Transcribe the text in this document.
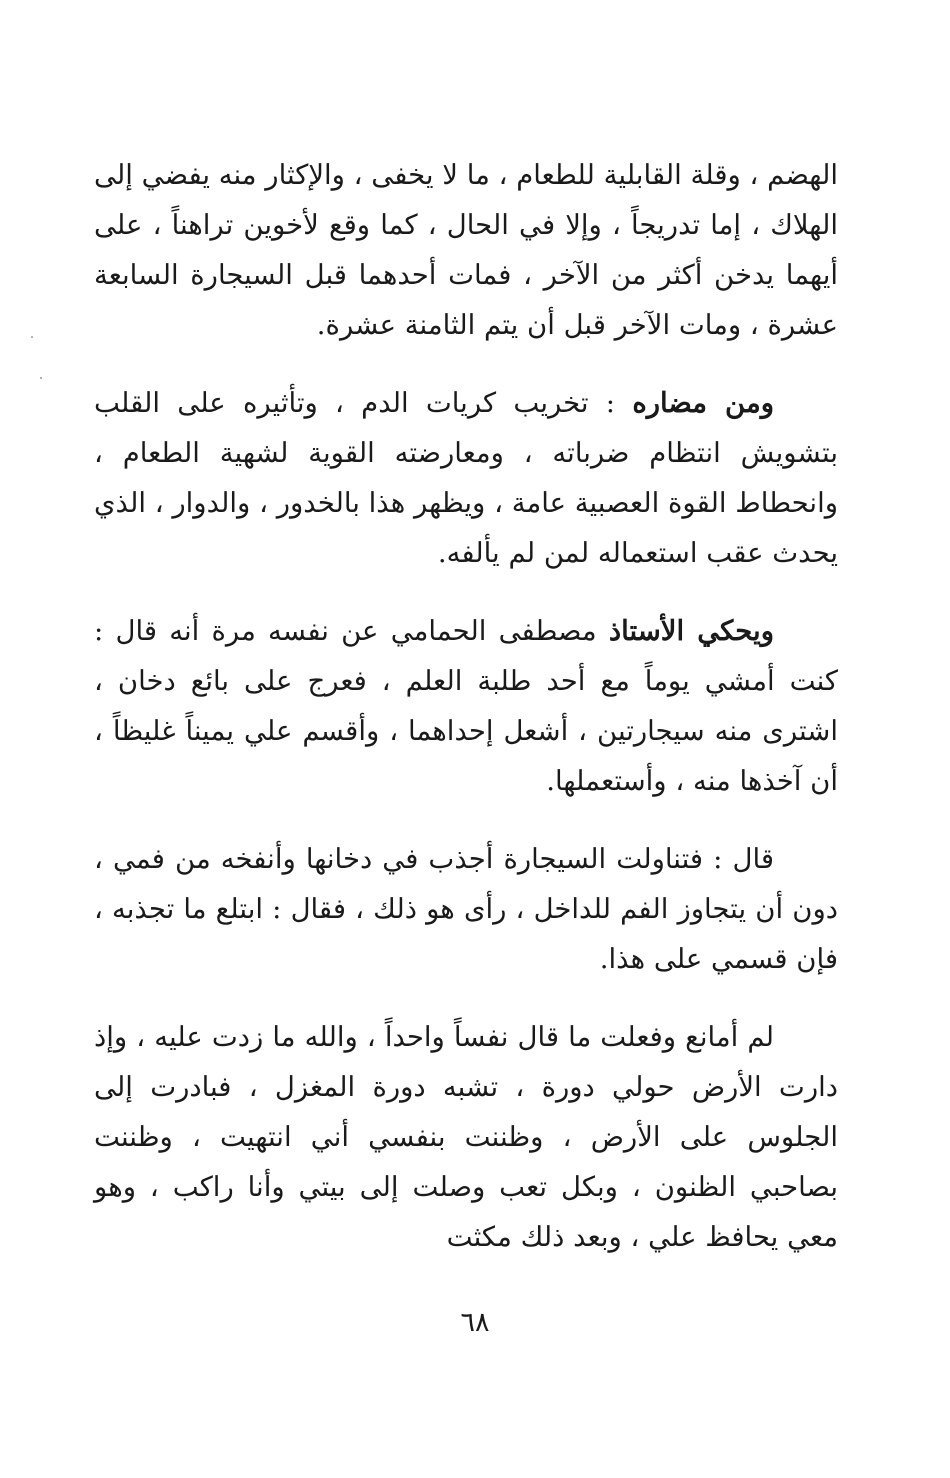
الهضم ، وقلة القابلية للطعام ، ما لا يخفى ، والإكثار منه يفضي إلى الهلاك ، إما تدريجاً ، وإلا في الحال ، كما وقع لأخوين تراهناً ، على أيهما يدخن أكثر من الآخر ، فمات أحدهما قبل السيجارة السابعة عشرة ، ومات الآخر قبل أن يتم الثامنة عشرة.

ومن مضاره : تخريب كريات الدم ، وتأثيره على القلب بتشويش انتظام ضرباته ، ومعارضته القوية لشهية الطعام ، وانحطاط القوة العصبية عامة ، ويظهر هذا بالخدور ، والدوار ، الذي يحدث عقب استعماله لمن لم يألفه.

ويحكي الأستاذ مصطفى الحمامي عن نفسه مرة أنه قال : كنت أمشي يوماً مع أحد طلبة العلم ، فعرج على بائع دخان ، اشترى منه سيجارتين ، أشعل إحداهما ، وأقسم علي يميناً غليظاً ، أن آخذها منه ، وأستعملها.

قال : فتناولت السيجارة أجذب في دخانها وأنفخه من فمي ، دون أن يتجاوز الفم للداخل ، رأى هو ذلك ، فقال : ابتلع ما تجذبه ، فإن قسمي على هذا.

لم أمانع وفعلت ما قال نفساً واحداً ، والله ما زدت عليه ، وإذ دارت الأرض حولي دورة ، تشبه دورة المغزل ، فبادرت إلى الجلوس على الأرض ، وظننت بنفسي أني انتهيت ، وظننت بصاحبي الظنون ، وبكل تعب وصلت إلى بيتي وأنا راكب ، وهو معي يحافظ علي ، وبعد ذلك مكثت

٦٨
